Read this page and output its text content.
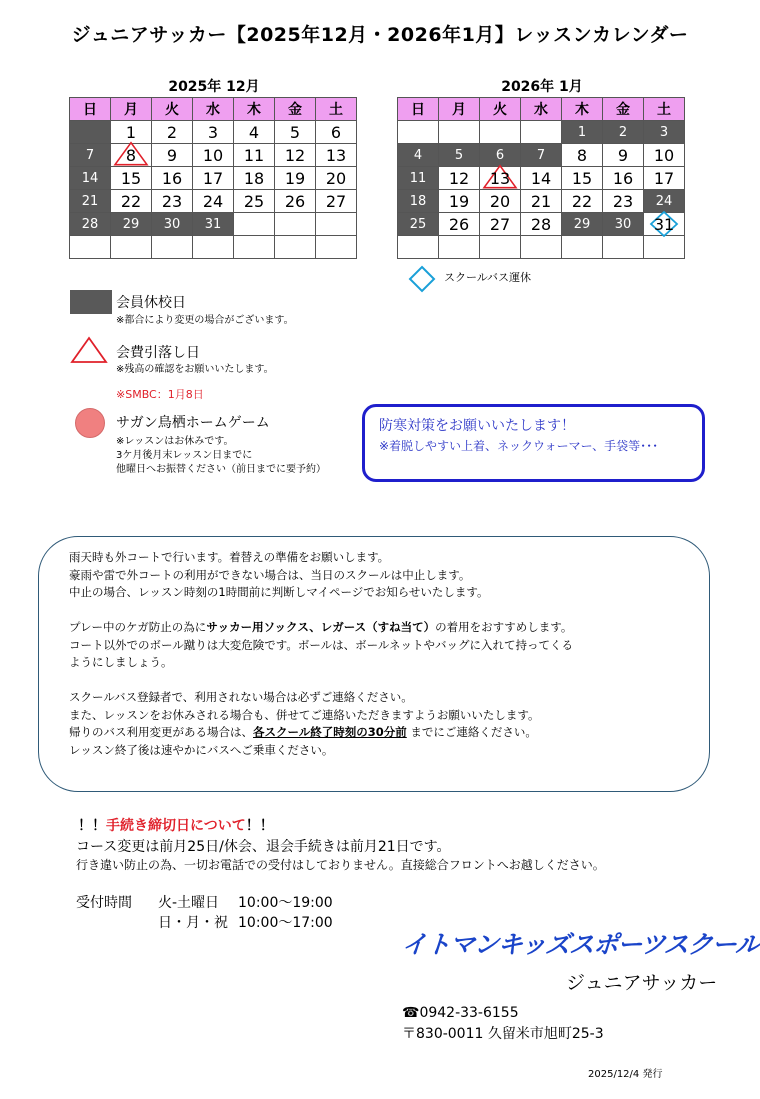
ジュニアサッカー【2025年12月・2026年1月】レッスンカレンダー
2025年 12月
日	月	火	水	木	金	土
	1	2	3	4	5	6
7	8	9	10	11	12	13
14	15	16	17	18	19	20
21	22	23	24	25	26	27
28	29	30	31			

2026年 1月
日	月	火	水	木	金	土
				1	2	3
4	5	6	7	8	9	10
11	12	13	14	15	16	17
18	19	20	21	22	23	24
25	26	27	28	29	30	31

スクールバス運休
会員休校日
※都合により変更の場合がございます。
会費引落し日
※残高の確認をお願いいたします。
※SMBC：1月8日
サガン鳥栖ホームゲーム
※レッスンはお休みです。
3ケ月後月末レッスン日までに
他曜日へお振替ください（前日までに要予約）
防寒対策をお願いいたします！
※着脱しやすい上着、ネックウォーマー、手袋等･･･

雨天時も外コートで行います。着替えの準備をお願いします。

豪雨や雷で外コートの利用ができない場合は、当日のスクールは中止します。

中止の場合、レッスン時刻の1時間前に判断しマイページでお知らせいたします。

プレー中のケガ防止の為にサッカー用ソックス、レガース（すね当て）の着用をおすすめします。

コート以外でのボール蹴りは大変危険です。ボールは、ボールネットやバッグに入れて持ってくる

ようにしましょう。

スクールバス登録者で、利用されない場合は必ずご連絡ください。

また、レッスンをお休みされる場合も、併せてご連絡いただきますようお願いいたします。

帰りのバス利用変更がある場合は、各スクール終了時刻の30分前 までにご連絡ください。

レッスン終了後は速やかにバスへご乗車ください。

！！手続き締切日について！！
コース変更は前月25日/休会、退会手続きは前月21日です。
行き違い防止の為、一切お電話での受付はしておりません。直接総合フロントへお越しください。
受付時間	火-土曜日	10:00～19:00
日・月・祝 10:00～17:00
イトマンキッズスポーツスクール
ジュニアサッカー
☎0942-33-6155
〒830-0011 久留米市旭町25-3
2025/12/4 発行
